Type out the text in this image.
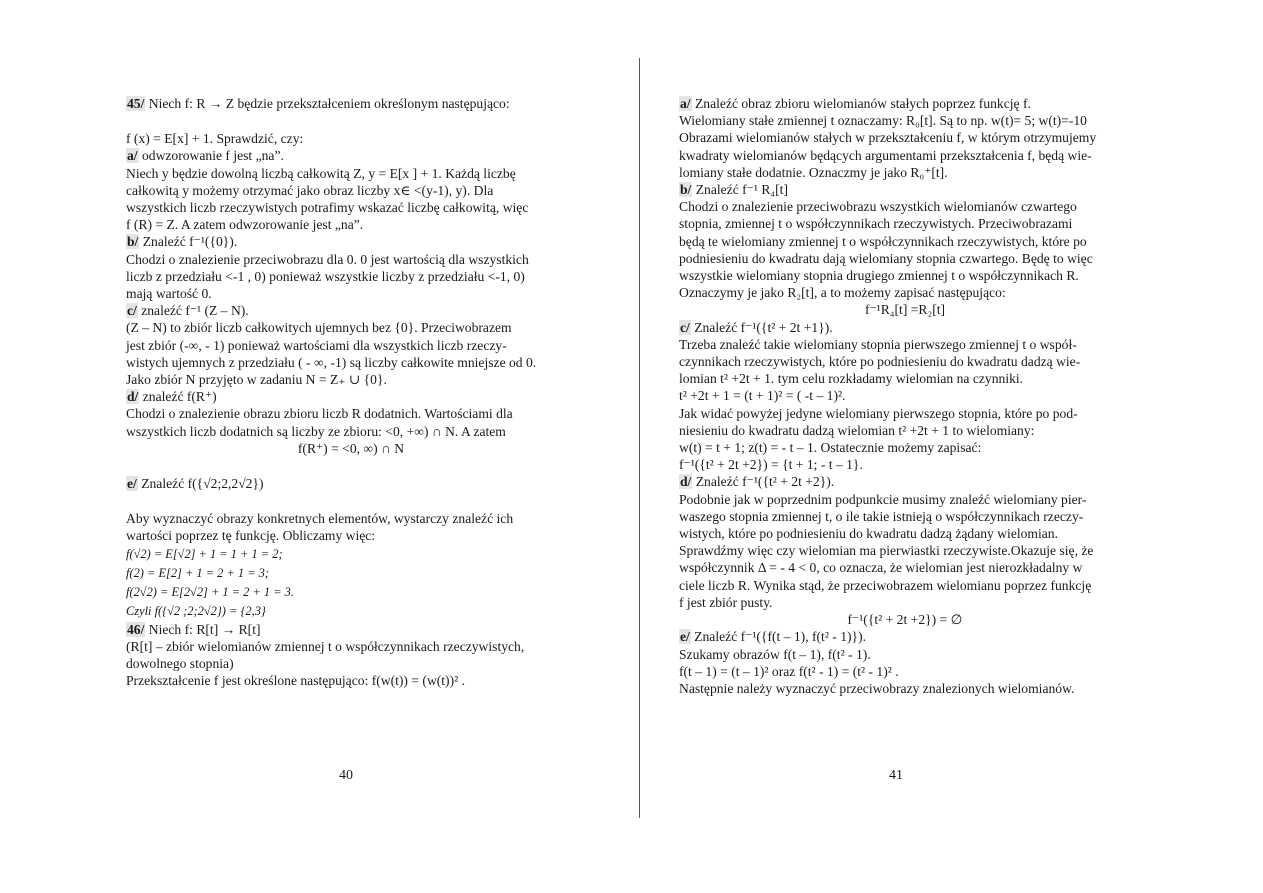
45/ Niech f: R → Z będzie przekształceniem określonym następująco:
f (x) = E[x] + 1. Sprawdzić, czy:
a/ odwzorowanie f jest „na”.
Niech y będzie dowolną liczbą całkowitą Z, y = E[x ] + 1. Każdą liczbę
całkowitą y możemy otrzymać jako obraz liczby x∈ <(y-1), y). Dla
wszystkich liczb rzeczywistych potrafimy wskazać liczbę całkowitą, więc
f (R) = Z. A zatem odwzorowanie jest „na”.
b/ Znaleźć f⁻¹({0}).
Chodzi o znalezienie przeciwobrazu dla 0. 0 jest wartością dla wszystkich
liczb z przedziału <-1 , 0) ponieważ wszystkie liczby z przedziału <-1, 0)
mają wartość 0.
c/ znaleźć f⁻¹ (Z – N).
(Z – N) to zbiór liczb całkowitych ujemnych bez {0}. Przeciwobrazem
jest zbiór (-∞, - 1) ponieważ wartościami dla wszystkich liczb rzeczy-
wistych ujemnych z przedziału ( - ∞, -1) są liczby całkowite mniejsze od 0.
Jako zbiór N przyjęto w zadaniu N = Z₊ ∪ {0}.
d/ znaleźć f(R⁺)
Chodzi o znalezienie obrazu zbioru liczb R dodatnich. Wartościami dla
wszystkich liczb dodatnich są liczby ze zbioru: <0, +∞) ∩ N. A zatem
f(R⁺) = <0, ∞) ∩ N
e/ Znaleźć f({√2;2,2√2})
Aby wyznaczyć obrazy konkretnych elementów, wystarczy znaleźć ich
wartości poprzez tę funkcję. Obliczamy więc:
f(√2) = E[√2] + 1 = 1 + 1 = 2;
f(2) = E[2] + 1 = 2 + 1 = 3;
f(2√2) = E[2√2] + 1 = 2 + 1 = 3.
Czyli f({√2 ;2;2√2}) = {2,3}
46/ Niech f: R[t] → R[t]
(R[t] – zbiór wielomianów zmiennej t o współczynnikach rzeczywistych,
dowolnego stopnia)
Przekształcenie f jest określone następująco: f(w(t)) = (w(t))² .
a/ Znaleźć obraz zbioru wielomianów stałych poprzez funkcję f.
Wielomiany stałe zmiennej t oznaczamy: R₀[t]. Są to np. w(t)= 5; w(t)=-10
Obrazami wielomianów stałych w przekształceniu f, w którym otrzymujemy
kwadraty wielomianów będących argumentami przekształcenia f, będą wie-
lomiany stałe dodatnie. Oznaczmy je jako R₀⁺[t].
b/ Znaleźć f⁻¹ R₄[t]
Chodzi o znalezienie przeciwobrazu wszystkich wielomianów czwartego
stopnia, zmiennej t o współczynnikach rzeczywistych. Przeciwobrazami
będą te wielomiany zmiennej t o współczynnikach rzeczywistych, które po
podniesieniu do kwadratu dają wielomiany stopnia czwartego. Będę to więc
wszystkie wielomiany stopnia drugiego zmiennej t o współczynnikach R.
Oznaczymy je jako R₂[t], a to możemy zapisać następująco:
f⁻¹R₄[t] =R₂[t]
c/ Znaleźć f⁻¹({t² + 2t +1}).
Trzeba znaleźć takie wielomiany stopnia pierwszego zmiennej t o współ-
czynnikach rzeczywistych, które po podniesieniu do kwadratu dadzą wie-
lomian t² +2t + 1. tym celu rozkładamy wielomian na czynniki.
t² +2t + 1 = (t + 1)² = ( -t – 1)².
Jak widać powyżej jedyne wielomiany pierwszego stopnia, które po pod-
niesieniu do kwadratu dadzą wielomian t² +2t + 1 to wielomiany:
w(t) = t + 1; z(t) = - t – 1. Ostatecznie możemy zapisać:
f⁻¹({t² + 2t +2}) = {t + 1; - t – 1}.
d/ Znaleźć f⁻¹({t² + 2t +2}).
Podobnie jak w poprzednim podpunkcie musimy znaleźć wielomiany pier-
waszego stopnia zmiennej t, o ile takie istnieją o współczynnikach rzeczy-
wistych, które po podniesieniu do kwadratu dadzą żądany wielomian.
Sprawdźmy więc czy wielomian ma pierwiastki rzeczywiste.Okazuje się, że
współczynnik Δ = - 4 < 0, co oznacza, że wielomian jest nierozkładalny w
ciele liczb R. Wynika stąd, że przeciwobrazem wielomianu poprzez funkcję
f jest zbiór pusty.
f⁻¹({t² + 2t +2}) = ∅
e/ Znaleźć f⁻¹({f(t – 1), f(t² - 1)}).
Szukamy obrazów f(t – 1), f(t² - 1).
f(t – 1) = (t – 1)² oraz f(t² - 1) = (t² - 1)² .
Następnie należy wyznaczyć przeciwobrazy znalezionych wielomianów.
40	41
